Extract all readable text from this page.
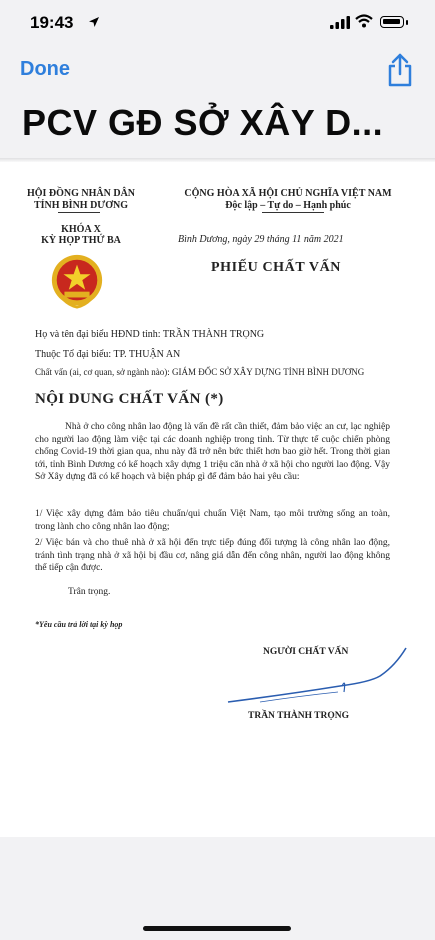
19:43
Done
PCV GĐ SỞ XÂY D...
HỘI ĐỒNG NHÂN DÂN
TỈNH BÌNH DƯƠNG
KHÓA X
KỲ HỌP THỨ BA
CỘNG HÒA XÃ HỘI CHỦ NGHĨA VIỆT NAM
Độc lập – Tự do – Hạnh phúc
Bình Dương, ngày 29 tháng 11 năm 2021
PHIẾU CHẤT VẤN
Họ và tên đại biểu HĐND tỉnh: TRẦN THÀNH TRỌNG
Thuộc Tổ đại biểu: TP. THUẬN AN
Chất vấn (ai, cơ quan, sở ngành nào): GIÁM ĐỐC SỞ XÂY DỰNG TỈNH BÌNH DƯƠNG
NỘI DUNG CHẤT VẤN (*)
Nhà ở cho công nhân lao động là vấn đề rất cần thiết, đảm bảo việc an cư, lạc nghiệp cho người lao động làm việc tại các doanh nghiệp trong tỉnh. Từ thực tế cuộc chiến phòng chống Covid-19 thời gian qua, nhu này đã trở nên bức thiết hơn bao giờ hết. Trong thời gian tới, tỉnh Bình Dương có kế hoạch xây dựng 1 triệu căn nhà ở xã hội cho người lao động. Vậy Sở Xây dựng đã có kế hoạch và biện pháp gì để đảm bảo hai yêu cầu:
1/ Việc xây dựng đảm bảo tiêu chuẩn/qui chuẩn Việt Nam, tạo môi trường sống an toàn, trong lành cho công nhân lao động;
2/ Việc bán và cho thuê nhà ở xã hội đến trực tiếp đúng đối tượng là công nhân lao động, tránh tình trạng nhà ở xã hội bị đầu cơ, nâng giá dẫn đến công nhân, người lao động không thể tiếp cận được.
Trân trọng.
*Yêu cầu trả lời tại kỳ họp
NGƯỜI CHẤT VẤN
TRẦN THÀNH TRỌNG
